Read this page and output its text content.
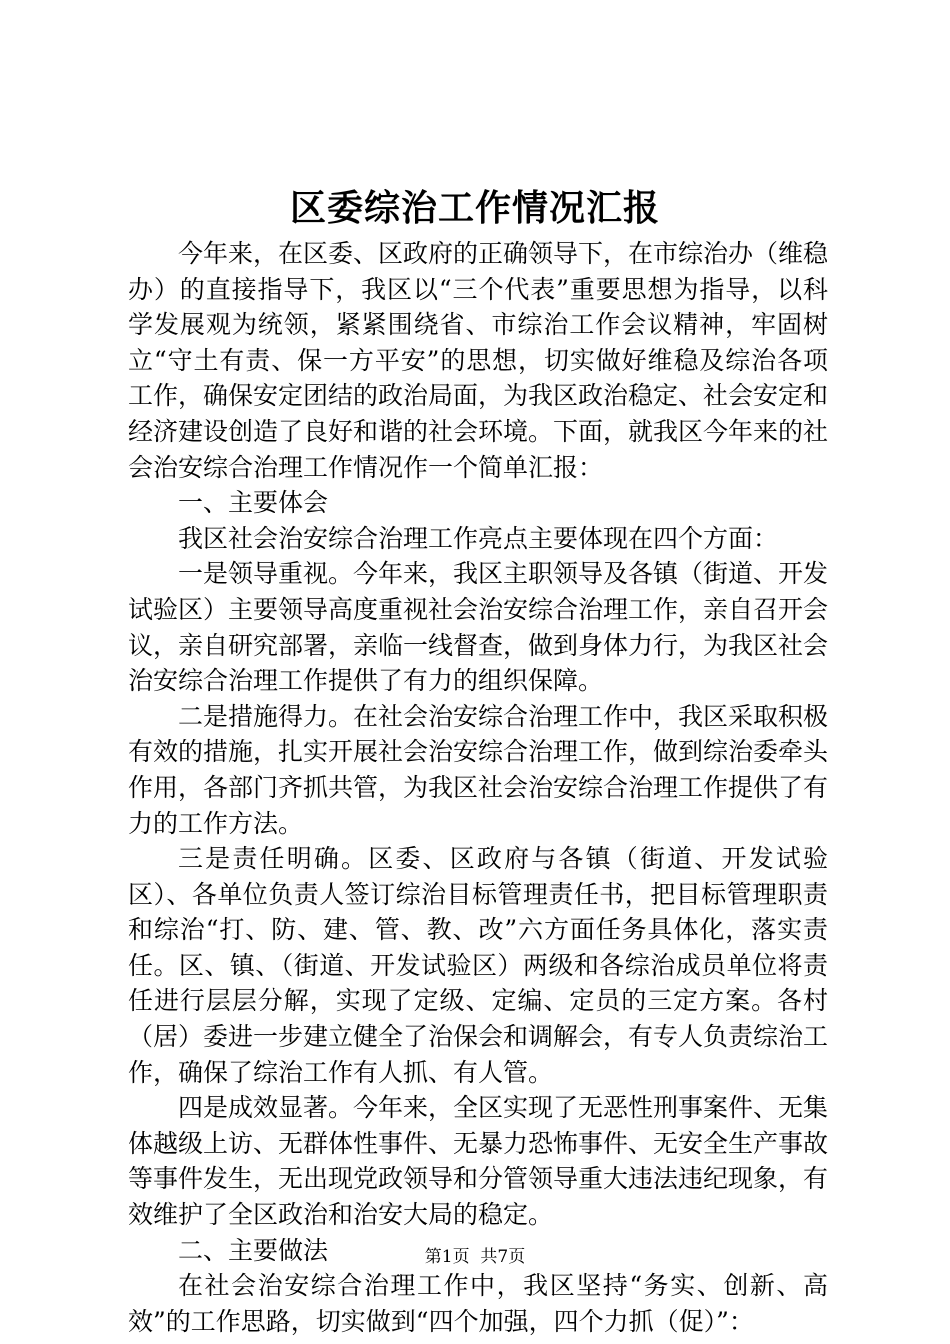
区委综治工作情况汇报

今年来，在区委、区政府的正确领导下，在市综治办（维稳办）的直接指导下，我区以“三个代表”重要思想为指导，以科学发展观为统领，紧紧围绕省、市综治工作会议精神，牢固树立“守土有责、保一方平安”的思想，切实做好维稳及综治各项工作，确保安定团结的政治局面，为我区政治稳定、社会安定和经济建设创造了良好和谐的社会环境。下面，就我区今年来的社会治安综合治理工作情况作一个简单汇报：

一、主要体会

我区社会治安综合治理工作亮点主要体现在四个方面：

一是领导重视。今年来，我区主职领导及各镇（街道、开发试验区）主要领导高度重视社会治安综合治理工作，亲自召开会议，亲自研究部署，亲临一线督查，做到身体力行，为我区社会治安综合治理工作提供了有力的组织保障。

二是措施得力。在社会治安综合治理工作中，我区采取积极有效的措施，扎实开展社会治安综合治理工作，做到综治委牵头作用，各部门齐抓共管，为我区社会治安综合治理工作提供了有力的工作方法。

三是责任明确。区委、区政府与各镇（街道、开发试验区）、各单位负责人签订综治目标管理责任书，把目标管理职责和综治“打、防、建、管、教、改”六方面任务具体化，落实责任。区、镇、（街道、开发试验区）两级和各综治成员单位将责任进行层层分解，实现了定级、定编、定员的三定方案。各村（居）委进一步建立健全了治保会和调解会，有专人负责综治工作，确保了综治工作有人抓、有人管。

四是成效显著。今年来，全区实现了无恶性刑事案件、无集体越级上访、无群体性事件、无暴力恐怖事件、无安全生产事故等事件发生，无出现党政领导和分管领导重大违法违纪现象，有效维护了全区政治和治安大局的稳定。

二、主要做法

在社会治安综合治理工作中，我区坚持“务实、创新、高效”的工作思路，切实做到“四个加强，四个力抓（促）”：

第1页 共7页
